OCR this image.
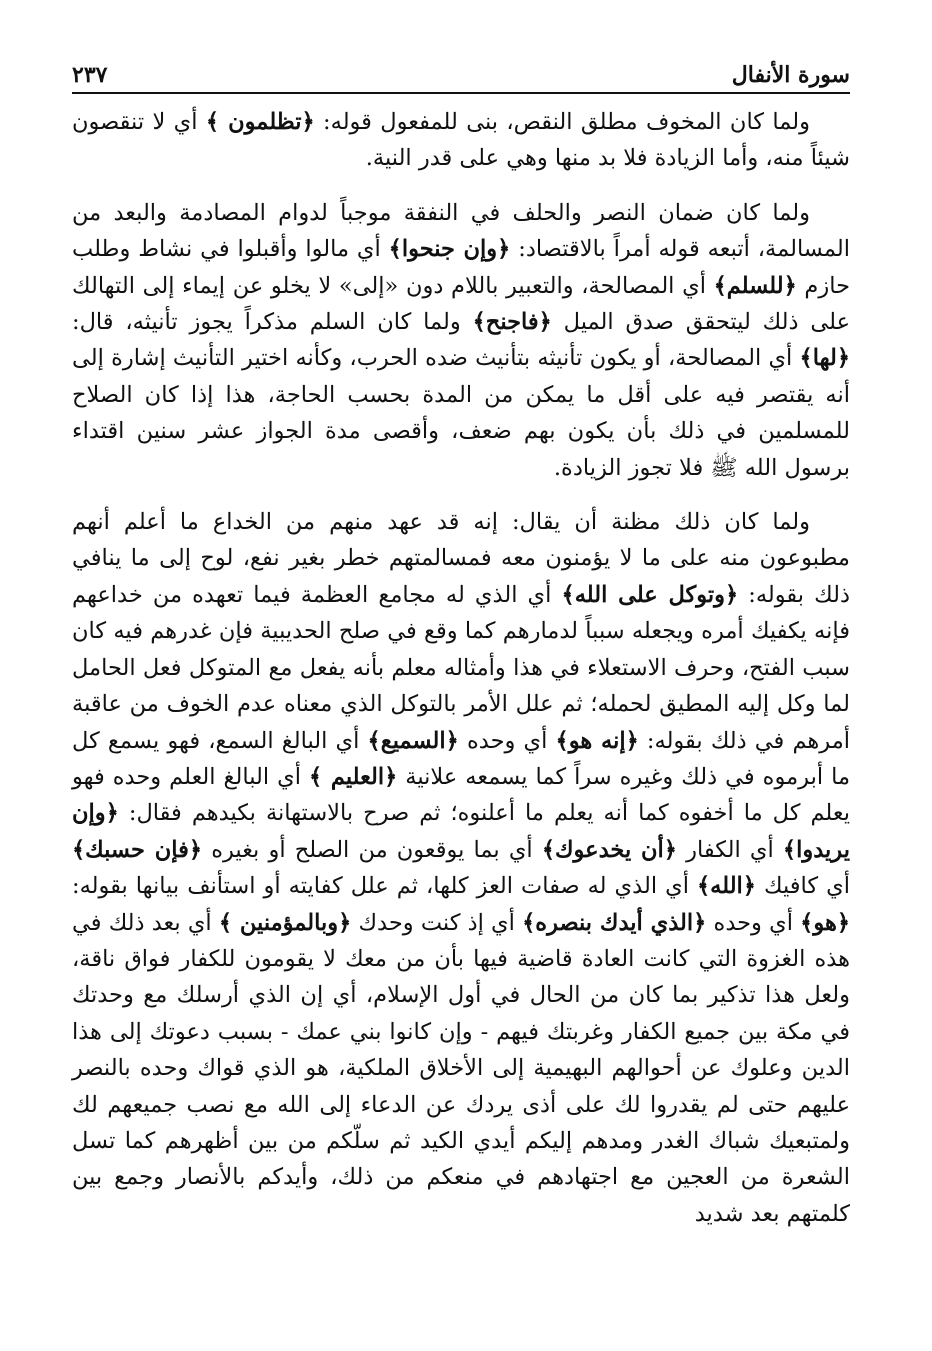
سورة الأنفال
٢٣٧

ولما كان المخوف مطلق النقص، بنى للمفعول قوله: ﴿تظلمون ﴾ أي لا تنقصون شيئاً منه، وأما الزيادة فلا بد منها وهي على قدر النية.

ولما كان ضمان النصر والحلف في النفقة موجباً لدوام المصادمة والبعد من المسالمة، أتبعه قوله أمراً بالاقتصاد: ﴿وإن جنحوا﴾ أي مالوا وأقبلوا في نشاط وطلب حازم ﴿للسلم﴾ أي المصالحة، والتعبير باللام دون «إلى» لا يخلو عن إيماء إلى التهالك على ذلك ليتحقق صدق الميل ﴿فاجنح﴾ ولما كان السلم مذكراً يجوز تأنيثه، قال: ﴿لها﴾ أي المصالحة، أو يكون تأنيثه بتأنيث ضده الحرب، وكأنه اختير التأنيث إشارة إلى أنه يقتصر فيه على أقل ما يمكن من المدة بحسب الحاجة، هذا إذا كان الصلاح للمسلمين في ذلك بأن يكون بهم ضعف، وأقصى مدة الجواز عشر سنين اقتداء برسول الله ﷺ فلا تجوز الزيادة.

ولما كان ذلك مظنة أن يقال: إنه قد عهد منهم من الخداع ما أعلم أنهم مطبوعون منه على ما لا يؤمنون معه فمسالمتهم خطر بغير نفع، لوح إلى ما ينافي ذلك بقوله: ﴿وتوكل على الله﴾ أي الذي له مجامع العظمة فيما تعهده من خداعهم فإنه يكفيك أمره ويجعله سبباً لدمارهم كما وقع في صلح الحديبية فإن غدرهم فيه كان سبب الفتح، وحرف الاستعلاء في هذا وأمثاله معلم بأنه يفعل مع المتوكل فعل الحامل لما وكل إليه المطيق لحمله؛ ثم علل الأمر بالتوكل الذي معناه عدم الخوف من عاقبة أمرهم في ذلك بقوله: ﴿إنه هو﴾ أي وحده ﴿السميع﴾ أي البالغ السمع، فهو يسمع كل ما أبرموه في ذلك وغيره سراً كما يسمعه علانية ﴿العليم ﴾ أي البالغ العلم وحده فهو يعلم كل ما أخفوه كما أنه يعلم ما أعلنوه؛ ثم صرح بالاستهانة بكيدهم فقال: ﴿وإن يريدوا﴾ أي الكفار ﴿أن يخدعوك﴾ أي بما يوقعون من الصلح أو بغيره ﴿فإن حسبك﴾ أي كافيك ﴿الله﴾ أي الذي له صفات العز كلها، ثم علل كفايته أو استأنف بيانها بقوله: ﴿هو﴾ أي وحده ﴿الذي أيدك بنصره﴾ أي إذ كنت وحدك ﴿وبالمؤمنين ﴾ أي بعد ذلك في هذه الغزوة التي كانت العادة قاضية فيها بأن من معك لا يقومون للكفار فواق ناقة، ولعل هذا تذكير بما كان من الحال في أول الإسلام، أي إن الذي أرسلك مع وحدتك في مكة بين جميع الكفار وغربتك فيهم - وإن كانوا بني عمك - بسبب دعوتك إلى هذا الدين وعلوك عن أحوالهم البهيمية إلى الأخلاق الملكية، هو الذي قواك وحده بالنصر عليهم حتى لم يقدروا لك على أذى يردك عن الدعاء إلى الله مع نصب جميعهم لك ولمتبعيك شباك الغدر ومدهم إليكم أيدي الكيد ثم سلّكم من بين أظهرهم كما تسل الشعرة من العجين مع اجتهادهم في منعكم من ذلك، وأيدكم بالأنصار وجمع بين كلمتهم بعد شديد
